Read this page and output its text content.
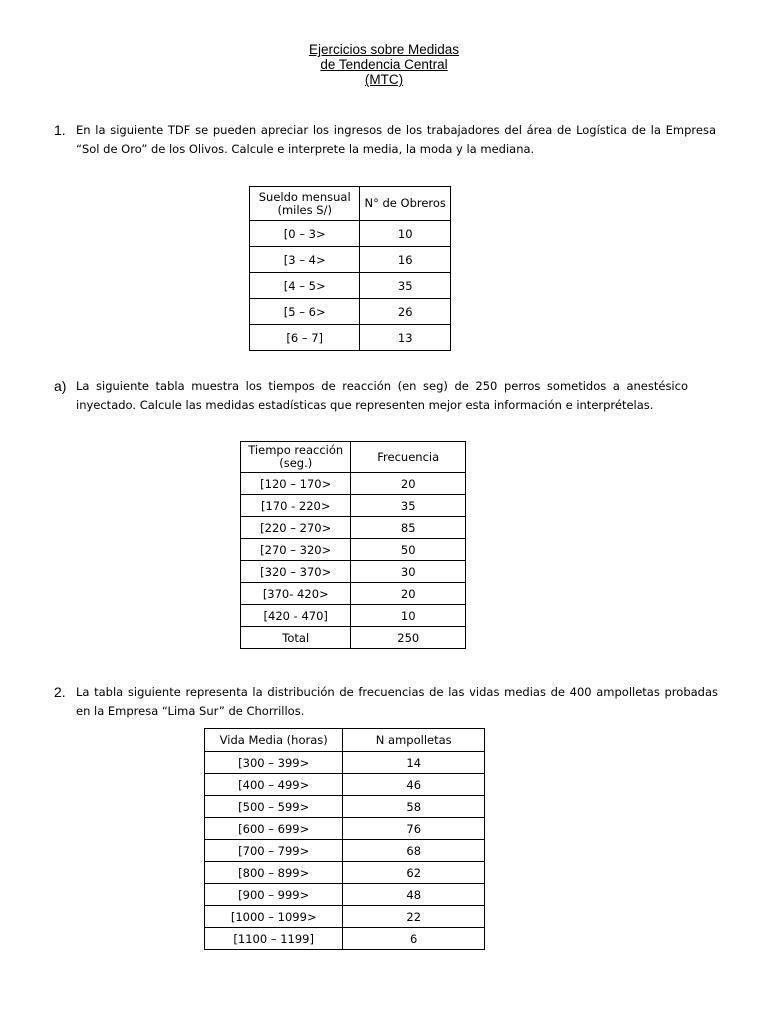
Ejercicios sobre Medidas
de Tendencia Central
(MTC)
1. En la siguiente TDF se pueden apreciar los ingresos de los trabajadores del área de Logística de la Empresa “Sol de Oro” de los Olivos. Calcule e interprete la media, la moda y la mediana.
Sueldo mensual (miles S/)	N° de Obreros
[0 – 3>	10
[3 – 4>	16
[4 – 5>	35
[5 – 6>	26
[6 – 7]	13
a) La siguiente tabla muestra los tiempos de reacción (en seg) de 250 perros sometidos a anestésico inyectado. Calcule las medidas estadísticas que representen mejor esta información e interprételas.
Tiempo reacción (seg.)	Frecuencia
[120 – 170>	20
[170 - 220>	35
[220 – 270>	85
[270 – 320>	50
[320 – 370>	30
[370- 420>	20
[420 - 470]	10
Total	250
2. La tabla siguiente representa la distribución de frecuencias de las vidas medias de 400 ampolletas probadas en la Empresa “Lima Sur” de Chorrillos.
Vida Media (horas)	N ampolletas
[300 – 399>	14
[400 – 499>	46
[500 – 599>	58
[600 – 699>	76
[700 – 799>	68
[800 – 899>	62
[900 – 999>	48
[1000 – 1099>	22
[1100 – 1199]	6
